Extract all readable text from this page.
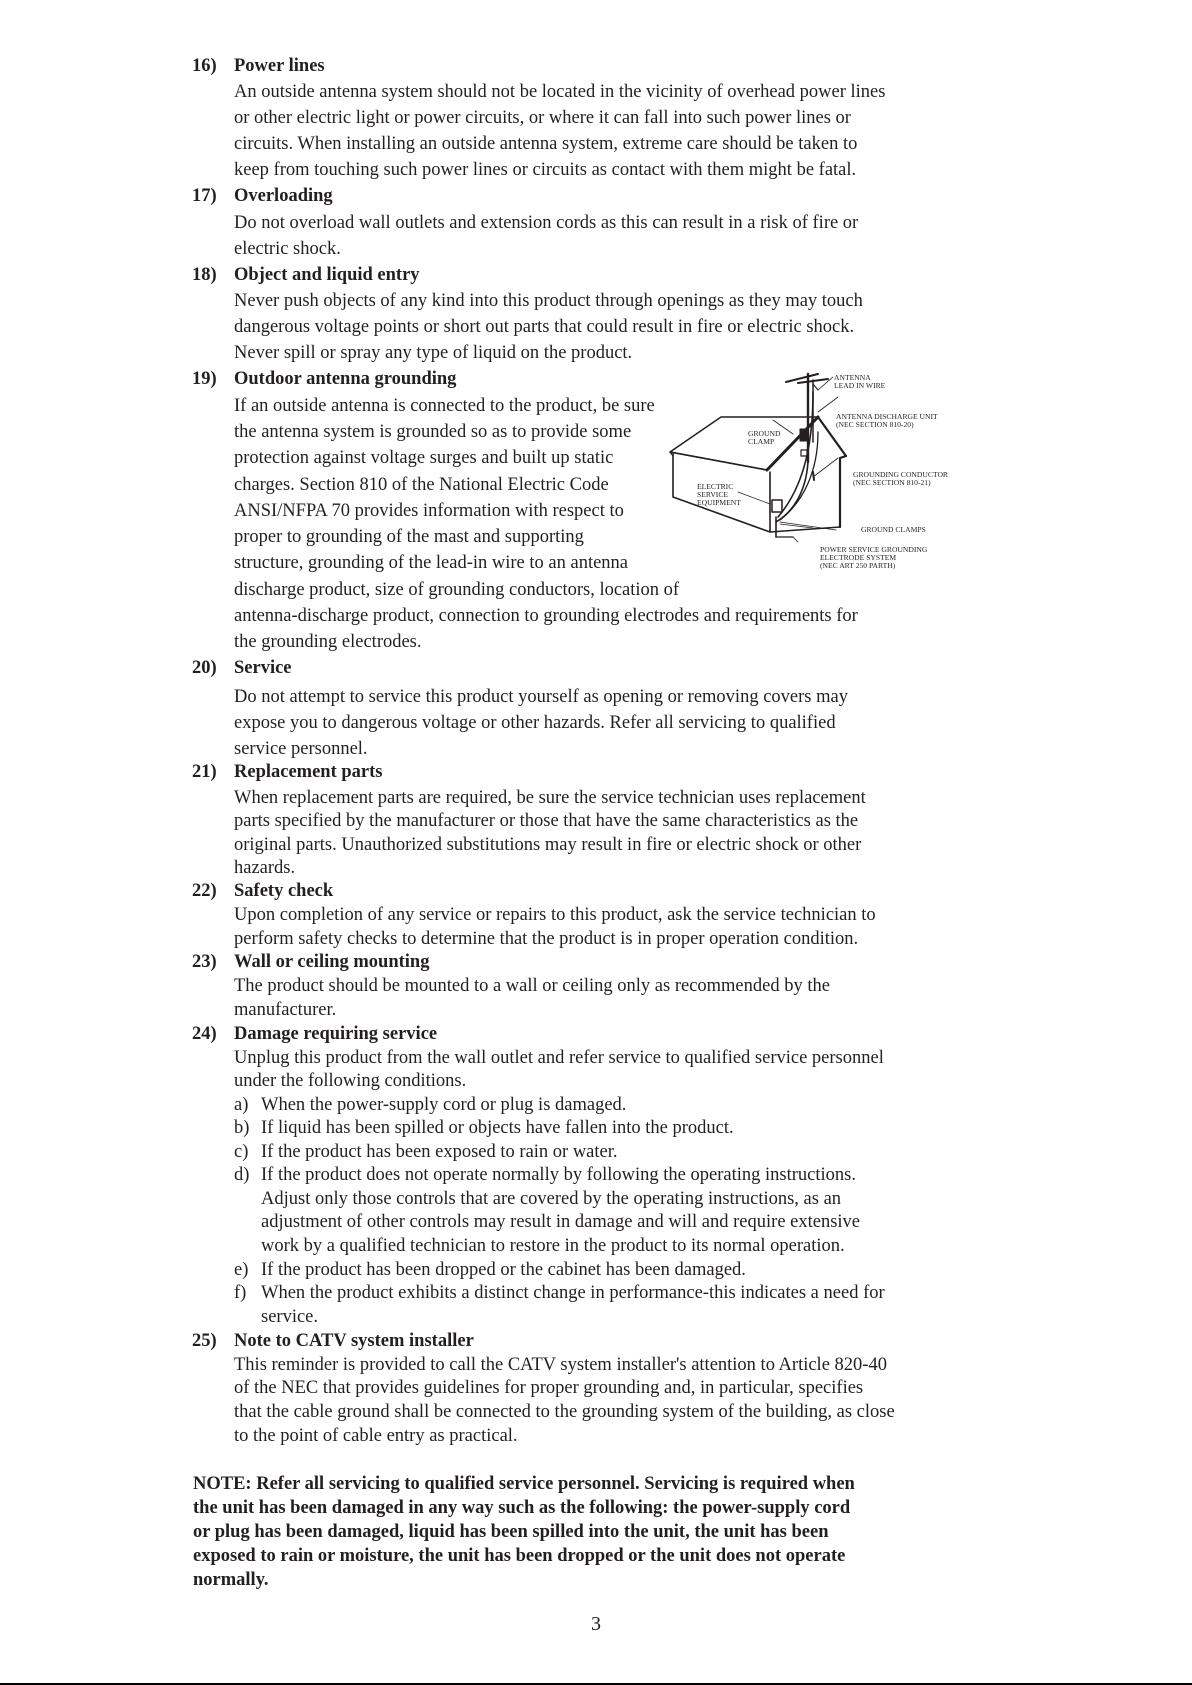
16) Power lines
An outside antenna system should not be located in the vicinity of overhead power lines
or other electric light or power circuits, or where it can fall into such power lines or
circuits. When installing an outside antenna system, extreme care should be taken to
keep from touching such power lines or circuits as contact with them might be fatal.
17) Overloading
Do not overload wall outlets and extension cords as this can result in a risk of fire or
electric shock.
18) Object and liquid entry
Never push objects of any kind into this product through openings as they may touch
dangerous voltage points or short out parts that could result in fire or electric shock.
Never spill or spray any type of liquid on the product.
19) Outdoor antenna grounding
If an outside antenna is connected to the product, be sure
the antenna system is grounded so as to provide some
protection against voltage surges and built up static
charges. Section 810 of the National Electric Code
ANSI/NFPA 70 provides information with respect to
proper to grounding of the mast and supporting
structure, grounding of the lead-in wire to an antenna
discharge product, size of grounding conductors, location of
antenna-discharge product, connection to grounding electrodes and requirements for
the grounding electrodes.
ANTENNA
LEAD IN WIRE
ANTENNA DISCHARGE UNIT
(NEC SECTION 810-20)
GROUND
CLAMP
ELECTRIC
SERVICE
EQUIPMENT
GROUNDING CONDUCTOR
(NEC SECTION 810-21)
GROUND CLAMPS
POWER SERVICE GROUNDING
ELECTRODE SYSTEM
(NEC ART 250 PARTH)
20) Service
Do not attempt to service this product yourself as opening or removing covers may
expose you to dangerous voltage or other hazards. Refer all servicing to qualified
service personnel.
21) Replacement parts
When replacement parts are required, be sure the service technician uses replacement
parts specified by the manufacturer or those that have the same characteristics as the
original parts. Unauthorized substitutions may result in fire or electric shock or other
hazards.
22) Safety check
Upon completion of any service or repairs to this product, ask the service technician to
perform safety checks to determine that the product is in proper operation condition.
23) Wall or ceiling mounting
The product should be mounted to a wall or ceiling only as recommended by the
manufacturer.
24) Damage requiring service
Unplug this product from the wall outlet and refer service to qualified service personnel
under the following conditions.
a) When the power-supply cord or plug is damaged.
b) If liquid has been spilled or objects have fallen into the product.
c) If the product has been exposed to rain or water.
d) If the product does not operate normally by following the operating instructions.
Adjust only those controls that are covered by the operating instructions, as an
adjustment of other controls may result in damage and will and require extensive
work by a qualified technician to restore in the product to its normal operation.
e) If the product has been dropped or the cabinet has been damaged.
f) When the product exhibits a distinct change in performance-this indicates a need for
service.
25) Note to CATV system installer
This reminder is provided to call the CATV system installer's attention to Article 820-40
of the NEC that provides guidelines for proper grounding and, in particular, specifies
that the cable ground shall be connected to the grounding system of the building, as close
to the point of cable entry as practical.
NOTE: Refer all servicing to qualified service personnel. Servicing is required when
the unit has been damaged in any way such as the following: the power-supply cord
or plug has been damaged, liquid has been spilled into the unit, the unit has been
exposed to rain or moisture, the unit has been dropped or the unit does not operate
normally.
3
